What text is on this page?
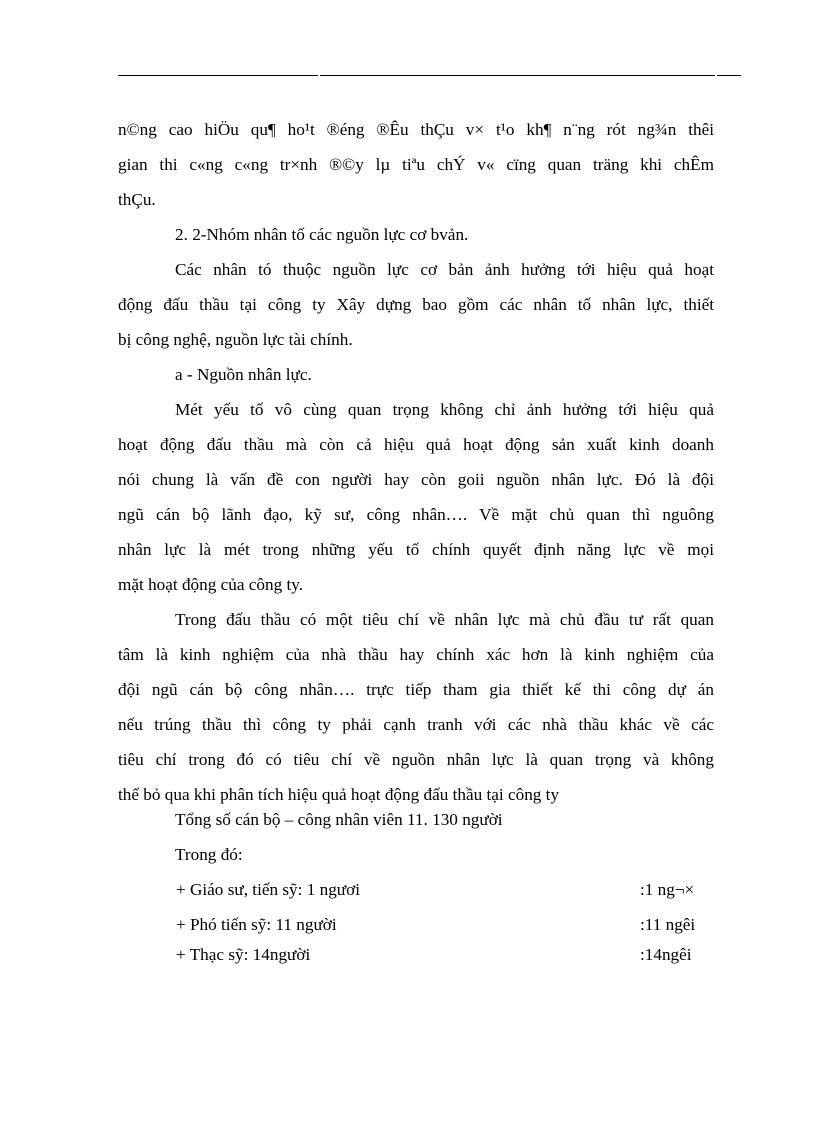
n©ng cao hiÖu qu¶ ho¹t ®éng ®Êu thÇu v× t¹o kh¶ n¨ng rót ng¾n thêi
gian thi c«ng c«ng tr×nh ®©y lµ tiªu chÝ v« cïng quan träng khi chÊm
thÇu.
2. 2-Nhóm nhân tố các nguồn lực cơ bvản.
Các nhân tó thuộc nguồn lực cơ bản ảnh hưởng tới hiệu quả hoạt
động đấu thầu tại công ty Xây dựng bao gồm các nhân tố nhân lực, thiết
bị công nghệ, nguồn lực tài chính.
a - Nguồn nhân lực.
Mét yếu tố vô cùng quan trọng không chỉ ảnh hưởng tới hiệu quả
hoạt động đấu thầu mà còn cả hiệu quả hoạt động sản xuất kinh doanh
nói chung là vấn đề con người hay còn goii nguồn nhân lực. Đó là đội
ngũ cán bộ lãnh đạo, kỹ sư, công nhân…. Về mặt chủ quan thì nguông
nhân lực là mét trong những yếu tố chính quyết định năng lực về mọi
mặt hoạt động của công ty.
Trong đấu thầu có một tiêu chí về nhân lực mà chủ đầu tư rất quan
tâm là kinh nghiệm của nhà thầu hay chính xác hơn là kinh nghiệm của
đội ngũ cán bộ công nhân…. trực tiếp tham gia thiết kế thi công dự án
nếu trúng thầu thì công ty phải cạnh tranh với các nhà thầu khác về các
tiêu chí trong đó có tiêu chí về nguồn nhân lực là quan trọng và không
thể bỏ qua khi phân tích hiệu quả hoạt động đấu thầu tại công ty
Tổng số cán bộ – công nhân viên 11. 130 người
Trong đó:
+ Giáo sư, tiến sỹ: 1 ngươi	:1 ng¬×
+ Phó tiến sỹ: 11 người	:11 ngêi
+ Thạc sỹ: 14người	:14ngêi
